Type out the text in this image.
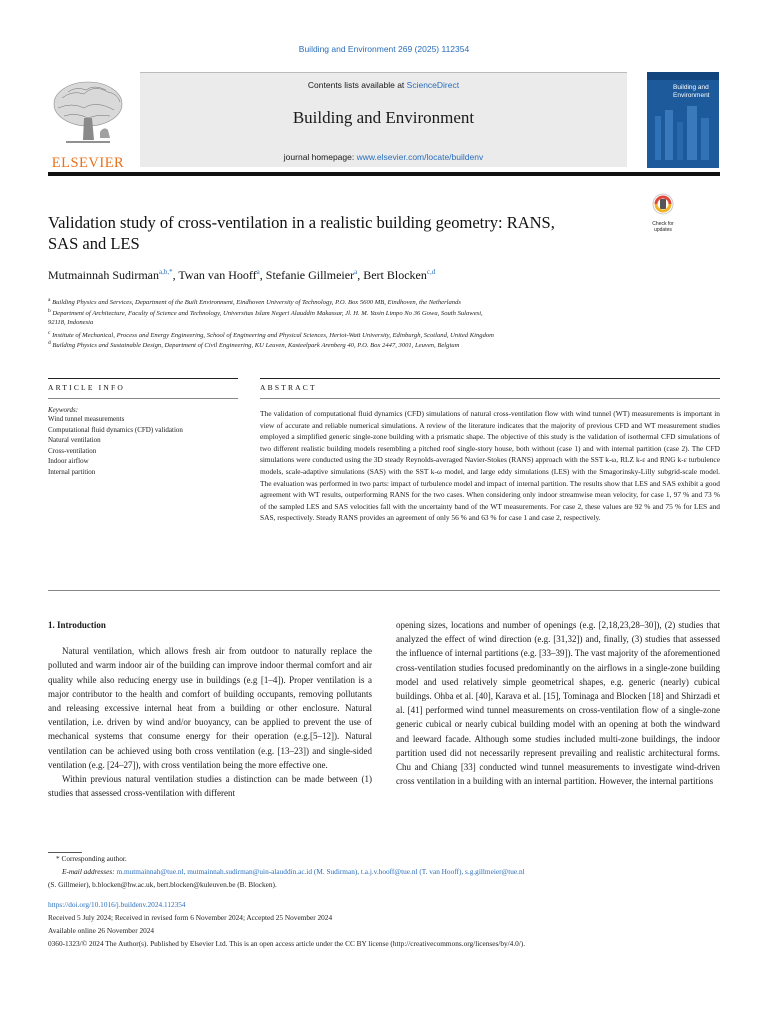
Building and Environment 269 (2025) 112354
ELSEVIER
Contents lists available at ScienceDirect
Building and Environment
journal homepage: www.elsevier.com/locate/buildenv
Building and
Environment
Check for updates
Validation study of cross-ventilation in a realistic building geometry: RANS,
SAS and LES
Mutmainnah Sudirman$^{a,b,*}$, Twan van Hooff$^a$, Stefanie Gillmeier$^a$, Bert Blocken$^{c,d}$
$^a$ Building Physics and Services, Department of the Built Environment, Eindhoven University of Technology, P.O. Box 5600 MB, Eindhoven, the Netherlands
$^b$ Department of Architecture, Faculty of Science and Technology, Universitas Islam Negeri Alauddin Makassar, Jl. H. M. Yasin Limpo No 36 Gowa, South Sulawesi,
92118, Indonesia
$^c$ Institute of Mechanical, Process and Energy Engineering, School of Engineering and Physical Sciences, Heriot-Watt University, Edinburgh, Scotland, United Kingdom
$^d$ Building Physics and Sustainable Design, Department of Civil Engineering, KU Leuven, Kasteelpark Arenberg 40, P.O. Box 2447, 3001, Leuven, Belgium
ARTICLE INFO	ABSTRACT
Keywords:
Wind tunnel measurements
Computational fluid dynamics (CFD) validation
Natural ventilation
Cross-ventilation
Indoor airflow
Internal partition
The validation of computational fluid dynamics (CFD) simulations of natural cross-ventilation flow with wind tunnel (WT) measurements is important in view of accurate and reliable numerical simulations. A review of the literature indicates that the majority of previous CFD and WT measurement studies employed a simplified generic single-zone building with a prismatic shape. The objective of this study is the validation of isothermal CFD simulations of two different realistic building models resembling a pitched roof single-story house, both without (case 1) and with internal partition (case 2). The CFD simulations were conducted using the 3D steady Reynolds-averaged Navier-Stokes (RANS) approach with the SST k-ω, RLZ k-ε and RNG k-ε turbulence models, scale-adaptive simulations (SAS) with the SST k-ω model, and large eddy simulations (LES) with the Smagorinsky-Lilly subgrid-scale model. The evaluation was performed in two parts: impact of turbulence model and impact of internal partition. The results show that LES and SAS exhibit a good agreement with WT results, outperforming RANS for the two cases. When considering only indoor streamwise mean velocity, for case 1, 97 % and 73 % of the sampled LES and SAS velocities fall with the uncertainty band of the WT measurements. For case 2, these values are 92 % and 75 % for LES and SAS, respectively. Steady RANS provides an agreement of only 56 % and 63 % for case 1 and case 2, respectively.
1. Introduction

Natural ventilation, which allows fresh air from outdoor to naturally replace the polluted and warm indoor air of the building can improve indoor thermal comfort and air quality while also reducing energy use in buildings (e.g [1–4]). Proper ventilation is a major contributor to the health and comfort of building occupants, removing pollutants and releasing excessive internal heat from a building or other enclosure. Natural ventilation, i.e. driven by wind and/or buoyancy, can be applied to prevent the use of mechanical systems that consume energy for their operation (e.g.[5–12]). Natural ventilation can be achieved using both cross ventilation (e.g. [13–23]) and single-sided ventilation (e.g. [24–27]), with cross ventilation being the more effective one.

Within previous natural ventilation studies a distinction can be made between (1) studies that assessed cross-ventilation with different

opening sizes, locations and number of openings (e.g. [2,18,23,28–30]), (2) studies that analyzed the effect of wind direction (e.g. [31,32]) and, finally, (3) studies that assessed the influence of internal partitions (e.g. [33–39]). The vast majority of the aforementioned cross-ventilation studies focused predominantly on the airflows in a single-zone building model and used relatively simple geometrical shapes, e.g. generic (nearly) cubical buildings. Ohba et al. [40], Karava et al. [15], Tominaga and Blocken [18] and Shirzadi et al. [41] performed wind tunnel measurements on cross-ventilation flow of a single-zone generic cubical or nearly cubical building model with an opening at both the windward and leeward facade. Although some studies included multi-zone buildings, the indoor partition used did not necessarily represent prevailing and realistic architectural forms. Chu and Chiang [33] conducted wind tunnel measurements to investigate wind-driven cross ventilation in a building with an internal partition. However, the internal partitions

* Corresponding author.
E-mail addresses: m.mutmainnah@tue.nl, mutmainnah.sudirman@uin-alauddin.ac.id (M. Sudirman), t.a.j.v.hooff@tue.nl (T. van Hooff), s.g.gillmeier@tue.nl
(S. Gillmeier), b.blocken@hw.ac.uk, bert.blocken@kuleuven.be (B. Blocken).
https://doi.org/10.1016/j.buildenv.2024.112354
Received 5 July 2024; Received in revised form 6 November 2024; Accepted 25 November 2024
Available online 26 November 2024
0360-1323/© 2024 The Author(s). Published by Elsevier Ltd. This is an open access article under the CC BY license (http://creativecommons.org/licenses/by/4.0/).
